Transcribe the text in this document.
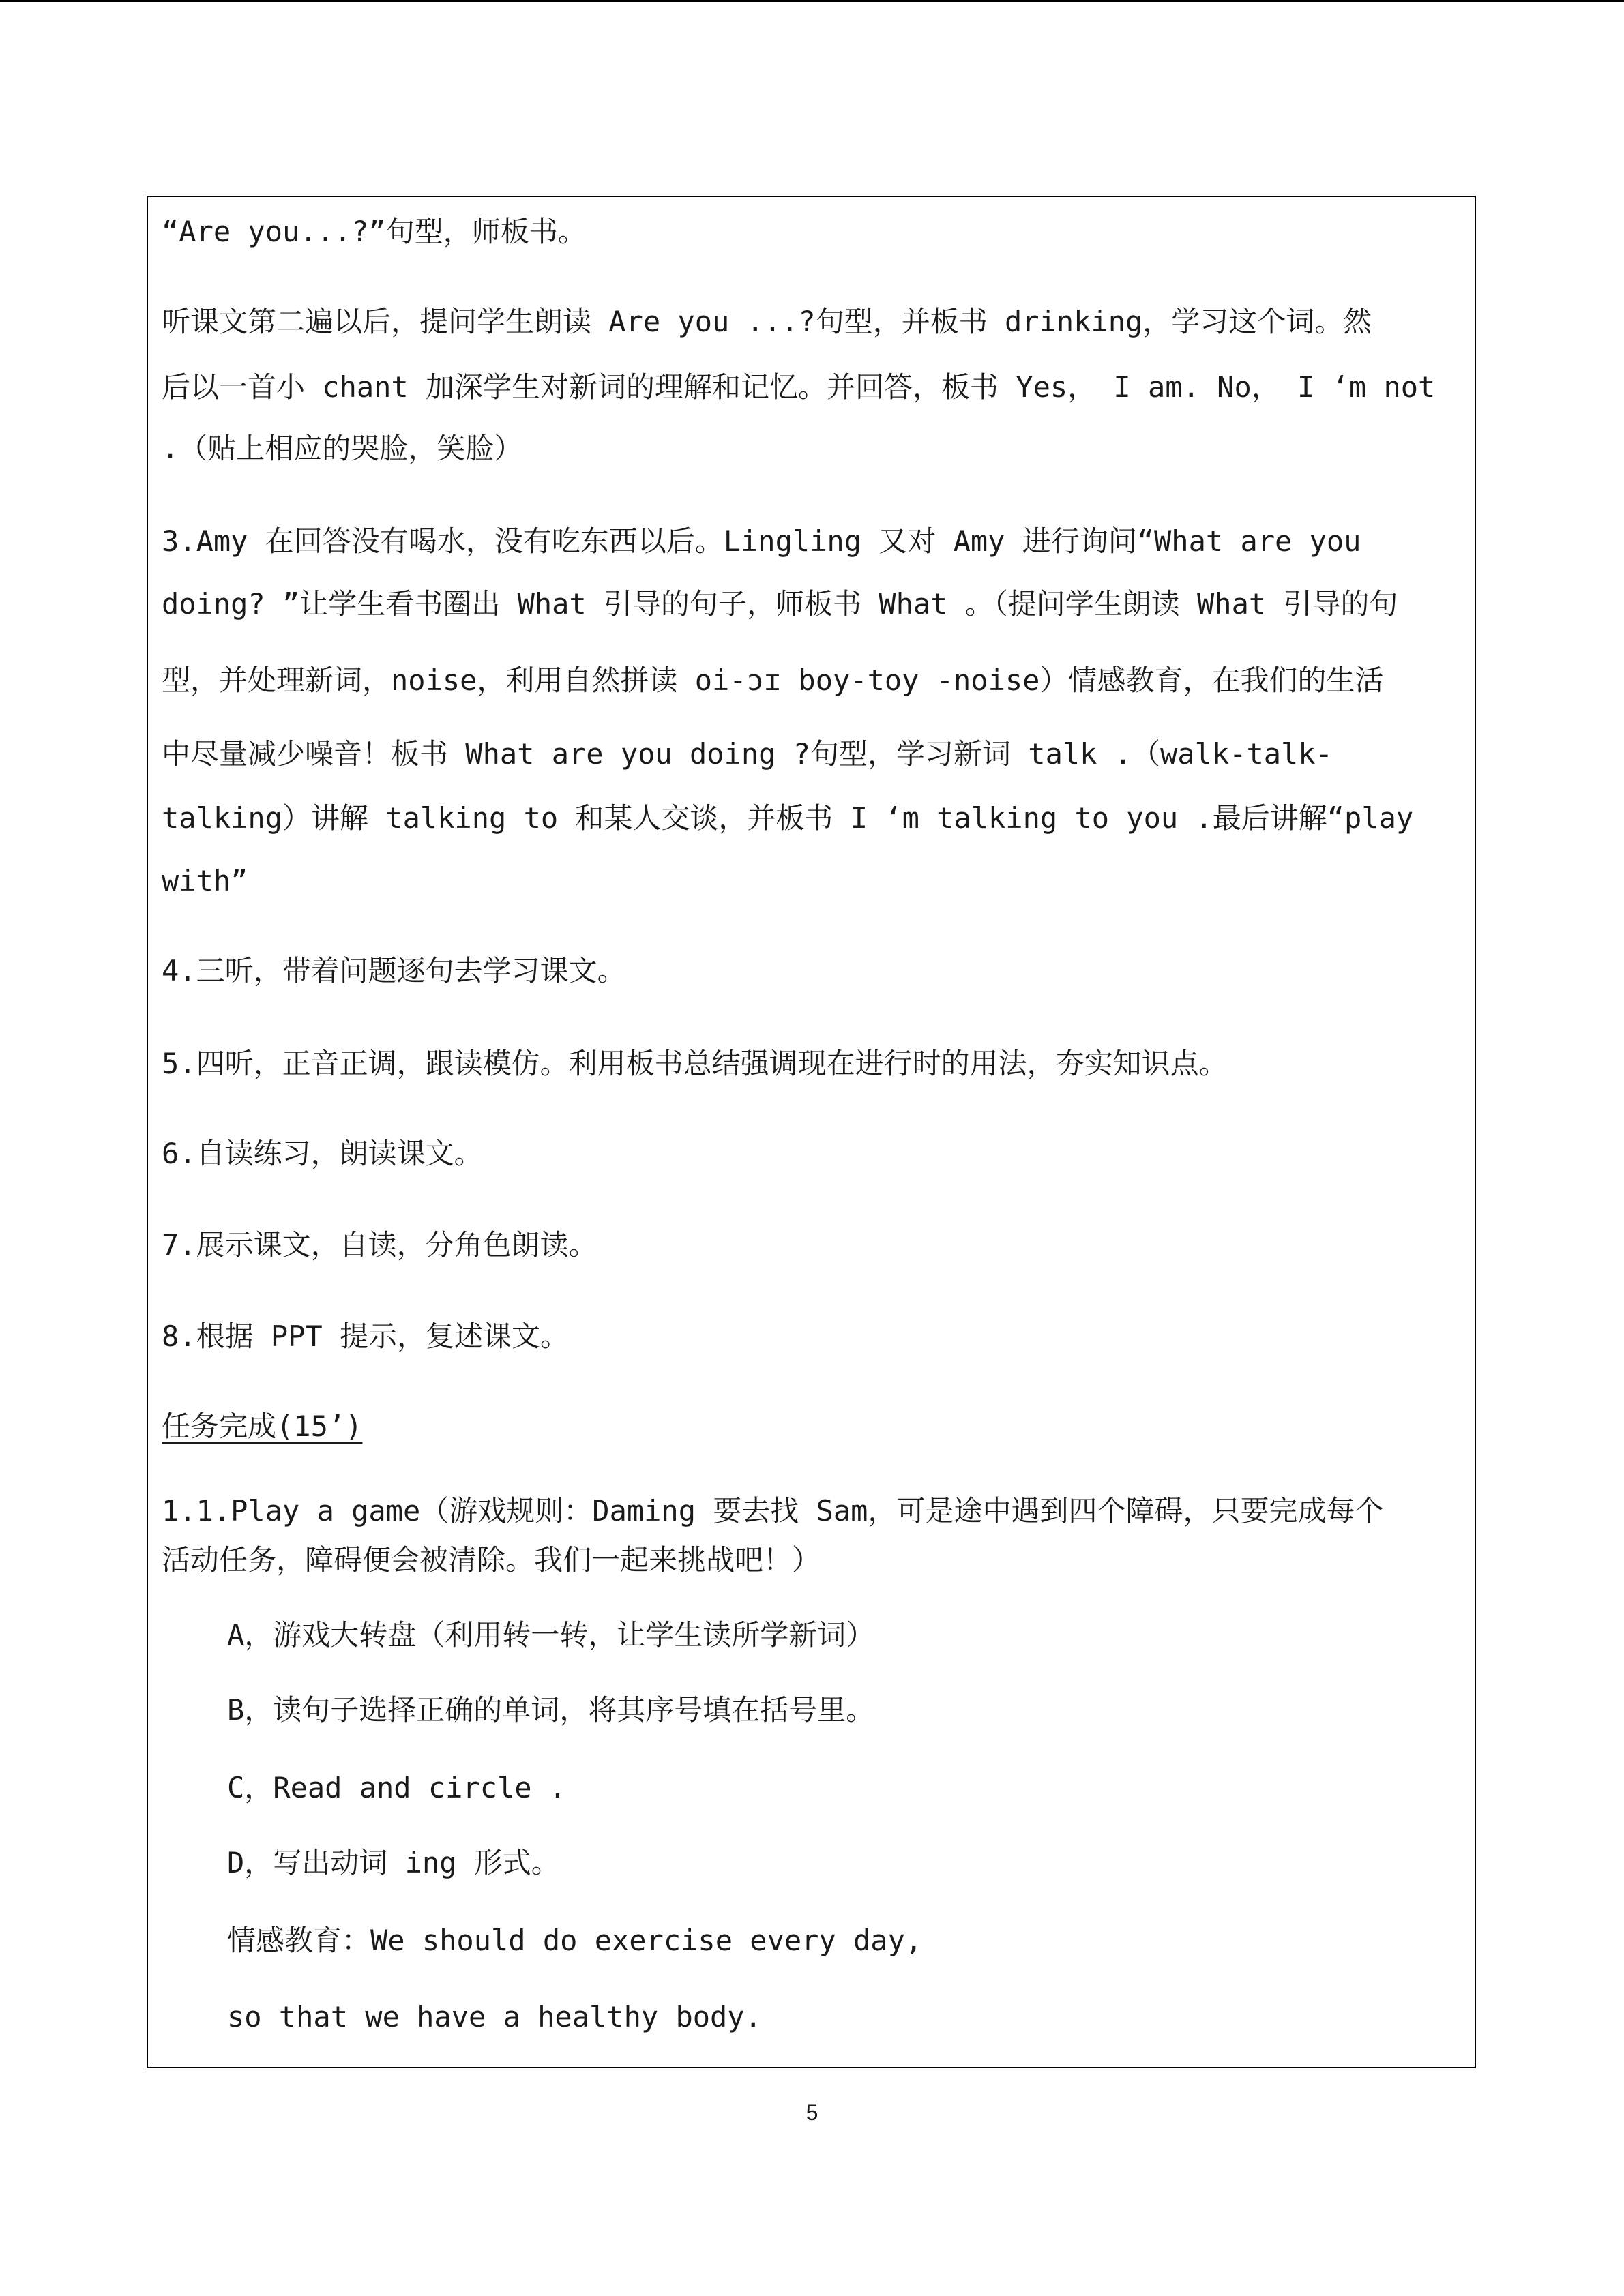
“Are you...?”句型，师板书。
听课文第二遍以后，提问学生朗读 Are you ...?句型，并板书 drinking，学习这个词。然
后以一首小 chant 加深学生对新词的理解和记忆。并回答，板书 Yes， I am. No， I ‘m not
.（贴上相应的哭脸，笑脸）
3.Amy 在回答没有喝水，没有吃东西以后。Lingling 又对 Amy 进行询问“What are you
doing? ”让学生看书圈出 What 引导的句子，师板书 What 。（提问学生朗读 What 引导的句
型，并处理新词，noise，利用自然拼读 oi-ɔɪ boy-toy -noise）情感教育，在我们的生活
中尽量减少噪音！板书 What are you doing ?句型，学习新词 talk .（walk-talk-
talking）讲解 talking to 和某人交谈，并板书 I ‘m talking to you .最后讲解“play
with”
4.三听，带着问题逐句去学习课文。
5.四听，正音正调，跟读模仿。利用板书总结强调现在进行时的用法，夯实知识点。
6.自读练习，朗读课文。
7.展示课文，自读，分角色朗读。
8.根据 PPT 提示，复述课文。
任务完成(15’)
1.1.Play a game（游戏规则：Daming 要去找 Sam，可是途中遇到四个障碍，只要完成每个
活动任务，障碍便会被清除。我们一起来挑战吧！）
A，游戏大转盘（利用转一转，让学生读所学新词）
B，读句子选择正确的单词，将其序号填在括号里。
C，Read and circle .
D，写出动词 ing 形式。
情感教育：We should do exercise every day,
so that we have a healthy body.
5
